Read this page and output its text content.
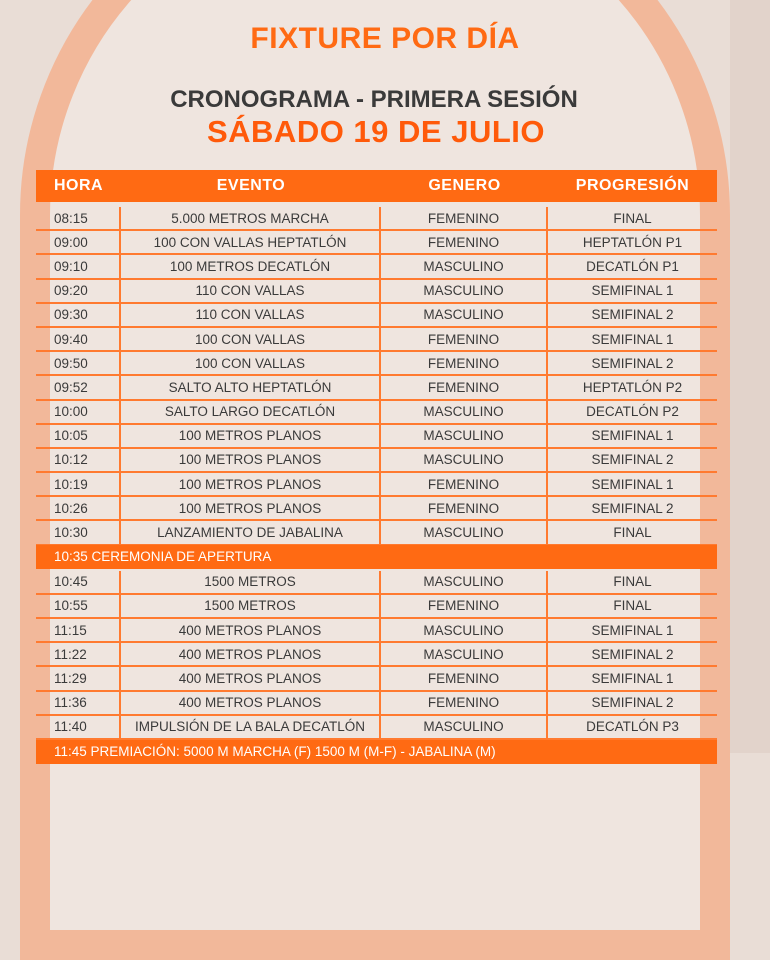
FIXTURE POR DÍA
CRONOGRAMA - PRIMERA SESIÓN
SÁBADO 19 DE JULIO
HORA	EVENTO	GENERO	PROGRESIÓN
08:15	5.000 METROS MARCHA	FEMENINO	FINAL
09:00	100 CON VALLAS HEPTATLÓN	FEMENINO	HEPTATLÓN P1
09:10	100 METROS DECATLÓN	MASCULINO	DECATLÓN P1
09:20	110 CON VALLAS	MASCULINO	SEMIFINAL 1
09:30	110 CON VALLAS	MASCULINO	SEMIFINAL 2
09:40	100 CON VALLAS	FEMENINO	SEMIFINAL 1
09:50	100 CON VALLAS	FEMENINO	SEMIFINAL 2
09:52	SALTO ALTO HEPTATLÓN	FEMENINO	HEPTATLÓN P2
10:00	SALTO LARGO DECATLÓN	MASCULINO	DECATLÓN P2
10:05	100 METROS PLANOS	MASCULINO	SEMIFINAL 1
10:12	100 METROS PLANOS	MASCULINO	SEMIFINAL 2
10:19	100 METROS PLANOS	FEMENINO	SEMIFINAL 1
10:26	100 METROS PLANOS	FEMENINO	SEMIFINAL 2
10:30	LANZAMIENTO DE JABALINA	MASCULINO	FINAL
10:35 CEREMONIA DE APERTURA
10:45	1500 METROS	MASCULINO	FINAL
10:55	1500 METROS	FEMENINO	FINAL
11:15	400 METROS PLANOS	MASCULINO	SEMIFINAL 1
11:22	400 METROS PLANOS	MASCULINO	SEMIFINAL 2
11:29	400 METROS PLANOS	FEMENINO	SEMIFINAL 1
11:36	400 METROS PLANOS	FEMENINO	SEMIFINAL 2
11:40	IMPULSIÓN DE LA BALA DECATLÓN	MASCULINO	DECATLÓN P3
11:45 PREMIACIÓN: 5000 M MARCHA (F) 1500 M (M-F) - JABALINA (M)
